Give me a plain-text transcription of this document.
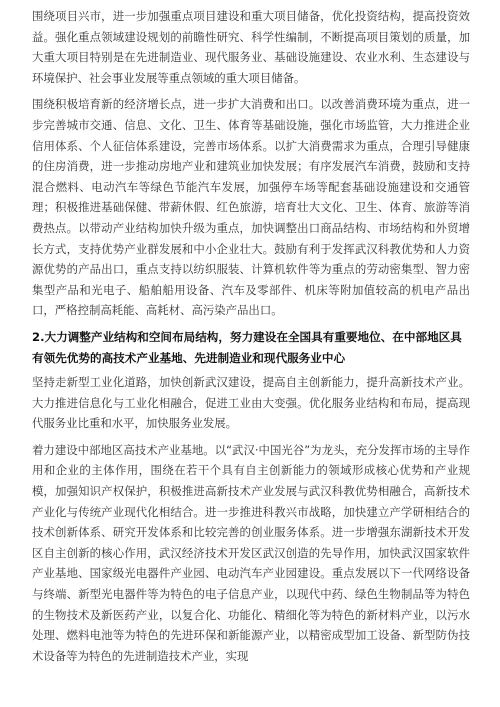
围绕项目兴市，进一步加强重点项目建设和重大项目储备，优化投资结构，提高投资效益。强化重点领域建设规划的前瞻性研究、科学性编制，不断提高项目策划的质量，加大重大项目特别是在先进制造业、现代服务业、基础设施建设、农业水利、生态建设与环境保护、社会事业发展等重点领域的重大项目储备。

围绕积极培育新的经济增长点，进一步扩大消费和出口。以改善消费环境为重点，进一步完善城市交通、信息、文化、卫生、体育等基础设施，强化市场监管，大力推进企业信用体系、个人征信体系建设，完善市场体系。以扩大消费需求为重点，合理引导健康的住房消费，进一步推动房地产业和建筑业加快发展；有序发展汽车消费，鼓励和支持混合燃料、电动汽车等绿色节能汽车发展，加强停车场等配套基础设施建设和交通管理；积极推进基础保健、带薪休假、红色旅游，培育壮大文化、卫生、体育、旅游等消费热点。以带动产业结构加快升级为重点，加快调整出口商品结构、市场结构和外贸增长方式，支持优势产业群发展和中小企业壮大。鼓励有利于发挥武汉科教优势和人力资源优势的产品出口，重点支持以纺织服装、计算机软件等为重点的劳动密集型、智力密集型产品和光电子、船舶船用设备、汽车及零部件、机床等附加值较高的机电产品出口，严格控制高耗能、高耗材、高污染产品出口。

2.大力调整产业结构和空间布局结构，努力建设在全国具有重要地位、在中部地区具有领先优势的高技术产业基地、先进制造业和现代服务业中心

坚持走新型工业化道路，加快创新武汉建设，提高自主创新能力，提升高新技术产业。大力推进信息化与工业化相融合，促进工业由大变强。优化服务业结构和布局，提高现代服务业比重和水平，加快服务业发展。

着力建设中部地区高技术产业基地。以“武汉·中国光谷”为龙头，充分发挥市场的主导作用和企业的主体作用，围绕在若干个具有自主创新能力的领域形成核心优势和产业规模，加强知识产权保护，积极推进高新技术产业发展与武汉科教优势相融合，高新技术产业化与传统产业现代化相结合。进一步推进科教兴市战略，加快建立产学研相结合的技术创新体系、研究开发体系和比较完善的创业服务体系。进一步增强东湖新技术开发区自主创新的核心作用，武汉经济技术开发区武汉创造的先导作用，加快武汉国家软件产业基地、国家级光电器件产业园、电动汽车产业园建设。重点发展以下一代网络设备与终端、新型光电器件等为特色的电子信息产业，以现代中药、绿色生物制品等为特色的生物技术及新医药产业，以复合化、功能化、精细化等为特色的新材料产业，以污水处理、燃料电池等为特色的先进环保和新能源产业，以精密成型加工设备、新型防伪技术设备等为特色的先进制造技术产业，实现
